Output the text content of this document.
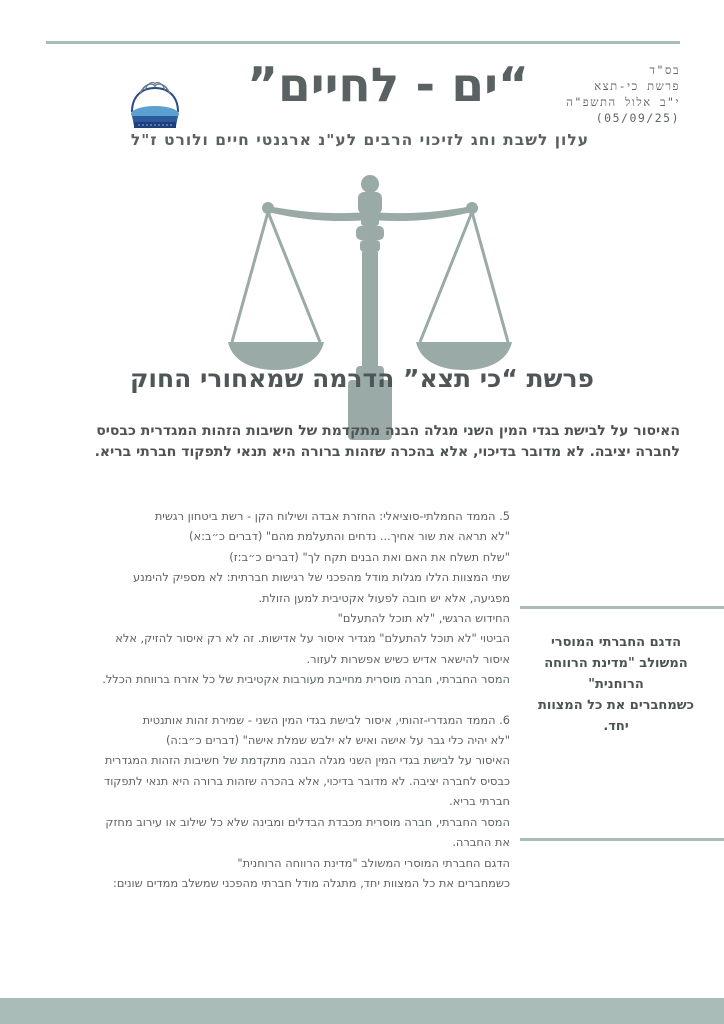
בס"ד
פרשת כי-תצא
י"ב אלול התשפ"ה
(05/09/25)
“ים - לחיים”
עלון לשבת וחג לזיכוי הרבים לע"נ ארגנטי חיים ולורט ז"ל
פרשת “כי תצא” הדרמה שמאחורי החוק

האיסור על לבישת בגדי המין השני מגלה הבנה מתקדמת של חשיבות הזהות המגדרית כבסיס

לחברה יציבה. לא מדובר בדיכוי, אלא בהכרה שזהות ברורה היא תנאי לתפקוד חברתי בריא.

5. הממד החמלתי-סוציאלי: החזרת אבדה ושילוח הקן - רשת ביטחון רגשית
"לא תראה את שור אחיך... נדחים והתעלמת מהם" (דברים כ״ב:א)
"שלח תשלח את האם ואת הבנים תקח לך" (דברים כ״ב:ז)
שתי המצוות הללו מגלות מודל מהפכני של רגישות חברתית: לא מספיק להימנע
מפגיעה, אלא יש חובה לפעול אקטיבית למען הזולת.
החידוש הרגשי, "לא תוכל להתעלם"
הביטוי "לא תוכל להתעלם" מגדיר איסור על אדישות. זה לא רק איסור להזיק, אלא
איסור להישאר אדיש כשיש אפשרות לעזור.
המסר החברתי, חברה מוסרית מחייבת מעורבות אקטיבית של כל אזרח ברווחת הכלל.
6. הממד המגדרי-זהותי, איסור לבישת בגדי המין השני - שמירת זהות אותנטית
"לא יהיה כלי גבר על אישה ואיש לא ילבש שמלת אישה" (דברים כ״ב:ה)
האיסור על לבישת בגדי המין השני מגלה הבנה מתקדמת של חשיבות הזהות המגדרית
כבסיס לחברה יציבה. לא מדובר בדיכוי, אלא בהכרה שזהות ברורה היא תנאי לתפקוד
חברתי בריא.
המסר החברתי, חברה מוסרית מכבדת הבדלים ומבינה שלא כל שילוב או עירוב מחזק
את החברה.
הדגם החברתי המוסרי המשולב "מדינת הרווחה הרוחנית"
כשמחברים את כל המצוות יחד, מתגלה מודל חברתי מהפכני שמשלב ממדים שונים:

הדגם החברתי המוסרי

המשולב "מדינת הרווחה

הרוחנית"

כשמחברים את כל המצוות

יחד.
